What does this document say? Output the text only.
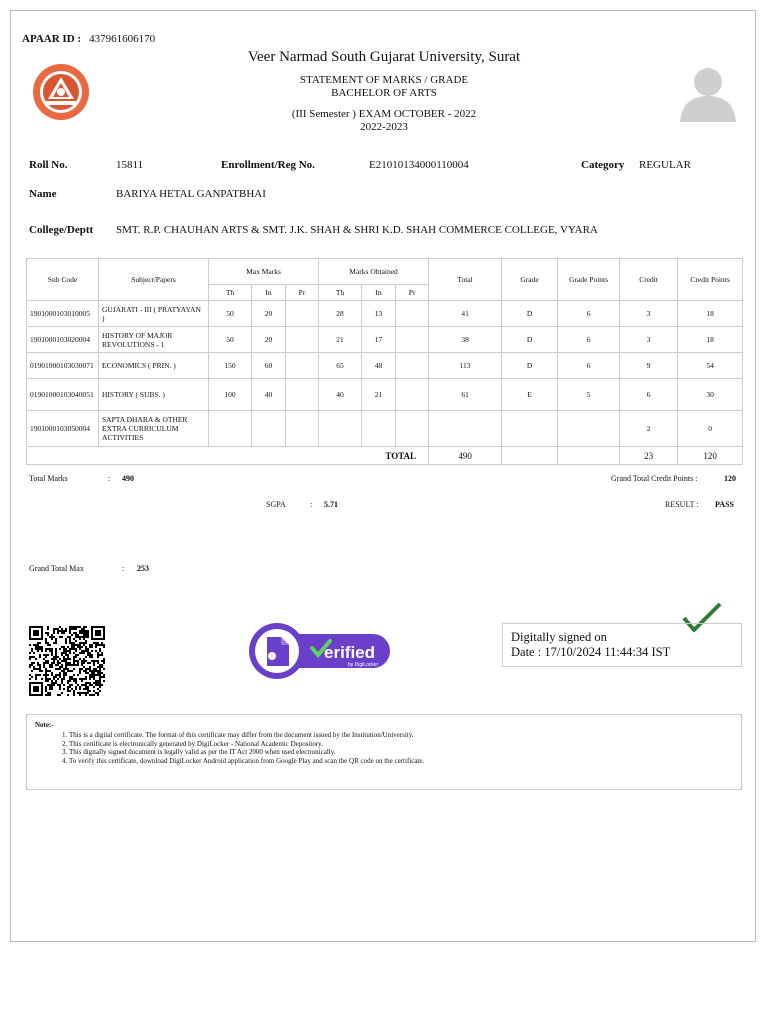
APAAR ID : 437961606170
Veer Narmad South Gujarat University, Surat
STATEMENT OF MARKS / GRADE
BACHELOR OF ARTS
(III Semester ) EXAM OCTOBER - 2022
2022-2023
Roll No.	15811	Enrollment/Reg No.	E21010134000110004	Category REGULAR
Name	BARIYA HETAL GANPATBHAI
College/Deptt SMT. R.P. CHAUHAN ARTS & SMT. J.K. SHAH & SHRI K.D. SHAH COMMERCE COLLEGE, VYARA
Sub Code	Subject/Papers	Max Marks			Marks Obtained			Total	Grade	Grade Points	Credit	Credit Points
		Th	In	Pr	Th	In	Pr					
1901000103010005	GUJARATI - III ( PRATYAYAN )	50	20		28	13		41	D	6	3	18
1901000103020004	HISTORY OF MAJOR REVOLUTIONS - 1	50	20		21	17		38	D	6	3	18
01901000103030071	ECONOMICS ( PRIN. )	150	60		65	48		113	D	6	9	54
01901000103040051	HISTORY ( SUBS. )	100	40		40	21		61	E	5	6	30
1901000103050004	SAPTA DHARA & OTHER EXTRA CURRICULUM ACTIVITIES										2	0
TOTAL								490			23	120
Total Marks	: 490	Grand Total Credit Points :	120
SGPA	: 5.71	RESULT : PASS
Grand Total Max	: 253
erified
by DigiLocker
Digitally signed on
Date : 17/10/2024 11:44:34 IST
Note:-
1. This is a digital certificate. The format of this certificate may differ from the document issued by the Institution/University.
2. This certificate is electronically generated by DigiLocker - National Academic Depository.
3. This digitally signed document is legally valid as per the IT Act 2000 when used electronically.
4. To verify this certificate, download DigiLocker Android application from Google Play and scan the QR code on the certificate.
